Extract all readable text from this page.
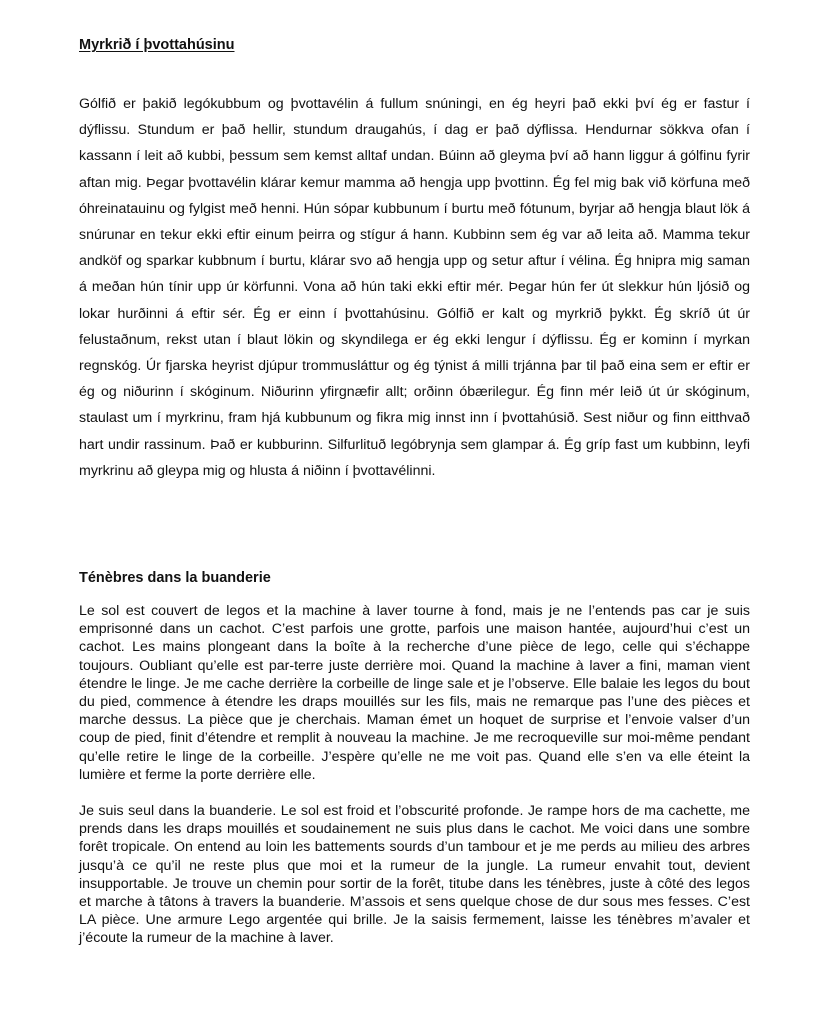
Myrkrið í þvottahúsinu

Gólfið er þakið legókubbum og þvottavélin á fullum snúningi, en ég heyri það ekki því ég er fastur í dýflissu. Stundum er það hellir, stundum draugahús, í dag er það dýflissa. Hendurnar sökkva ofan í kassann í leit að kubbi, þessum sem kemst alltaf undan. Búinn að gleyma því að hann liggur á gólfinu fyrir aftan mig. Þegar þvottavélin klárar kemur mamma að hengja upp þvottinn. Ég fel mig bak við körfuna með óhreinatauinu og fylgist með henni. Hún sópar kubbunum í burtu með fótunum, byrjar að hengja blaut lök á snúrunar en tekur ekki eftir einum þeirra og stígur á hann. Kubbinn sem ég var að leita að. Mamma tekur andköf og sparkar kubbnum í burtu, klárar svo að hengja upp og setur aftur í vélina. Ég hnipra mig saman á meðan hún tínir upp úr körfunni. Vona að hún taki ekki eftir mér. Þegar hún fer út slekkur hún ljósið og lokar hurðinni á eftir sér. Ég er einn í þvottahúsinu. Gólfið er kalt og myrkrið þykkt. Ég skríð út úr felustaðnum, rekst utan í blaut lökin og skyndilega er ég ekki lengur í dýflissu. Ég er kominn í myrkan regnskóg. Úr fjarska heyrist djúpur trommusláttur og ég týnist á milli trjánna þar til það eina sem er eftir er ég og niðurinn í skóginum. Niðurinn yfirgnæfir allt; orðinn óbærilegur. Ég finn mér leið út úr skóginum, staulast um í myrkrinu, fram hjá kubbunum og fikra mig innst inn í þvottahúsið. Sest niður og finn eitthvað hart undir rassinum. Það er kubburinn. Silfurlituð legóbrynja sem glampar á. Ég gríp fast um kubbinn, leyfi myrkrinu að gleypa mig og hlusta á niðinn í þvottavélinni.

Ténèbres dans la buanderie

Le sol est couvert de legos et la machine à laver tourne à fond, mais je ne l’entends pas car je suis emprisonné dans un cachot. C’est parfois une grotte, parfois une maison hantée, aujourd’hui c’est un cachot. Les mains plongeant dans la boîte à la recherche d’une pièce de lego, celle qui s’échappe toujours. Oubliant qu’elle est par-terre juste derrière moi. Quand la machine à laver a fini, maman vient étendre le linge. Je me cache derrière la corbeille de linge sale et je l’observe. Elle balaie les legos du bout du pied, commence à étendre les draps mouillés sur les fils, mais ne remarque pas l’une des pièces et marche dessus. La pièce que je cherchais. Maman émet un hoquet de surprise et l’envoie valser d’un coup de pied, finit d’étendre et remplit à nouveau la machine. Je me recroqueville sur moi-même pendant qu’elle retire le linge de la corbeille. J’espère qu’elle ne me voit pas. Quand elle s’en va elle éteint la lumière et ferme la porte derrière elle.

Je suis seul dans la buanderie. Le sol est froid et l’obscurité profonde. Je rampe hors de ma cachette, me prends dans les draps mouillés et soudainement ne suis plus dans le cachot. Me voici dans une sombre forêt tropicale. On entend au loin les battements sourds d’un tambour et je me perds au milieu des arbres jusqu’à ce qu’il ne reste plus que moi et la rumeur de la jungle. La rumeur envahit tout, devient insupportable. Je trouve un chemin pour sortir de la forêt, titube dans les ténèbres, juste à côté des legos et marche à tâtons à travers la buanderie. M’assois et sens quelque chose de dur sous mes fesses. C’est LA pièce. Une armure Lego argentée qui brille. Je la saisis fermement, laisse les ténèbres m’avaler et j’écoute la rumeur de la machine à laver.
